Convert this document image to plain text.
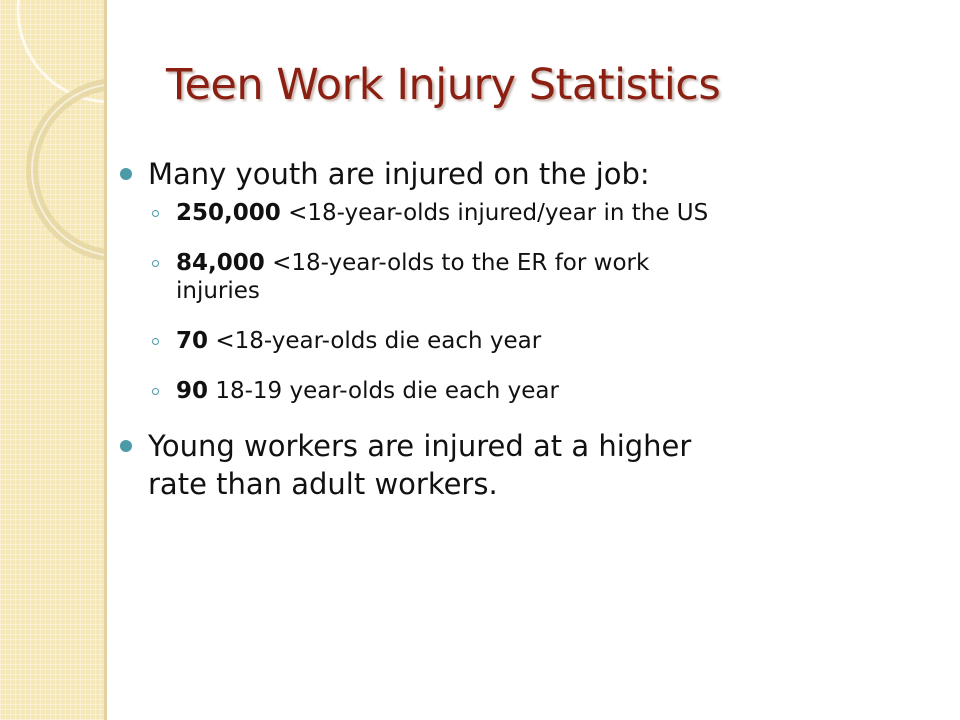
Teen Work Injury Statistics
Many youth are injured on the job:
250,000 <18-year-olds injured/year in the US
84,000 <18-year-olds to the ER for work injuries
70 <18-year-olds die each year
90 18-19 year-olds die each year
Young workers are injured at a higher rate than adult workers.
